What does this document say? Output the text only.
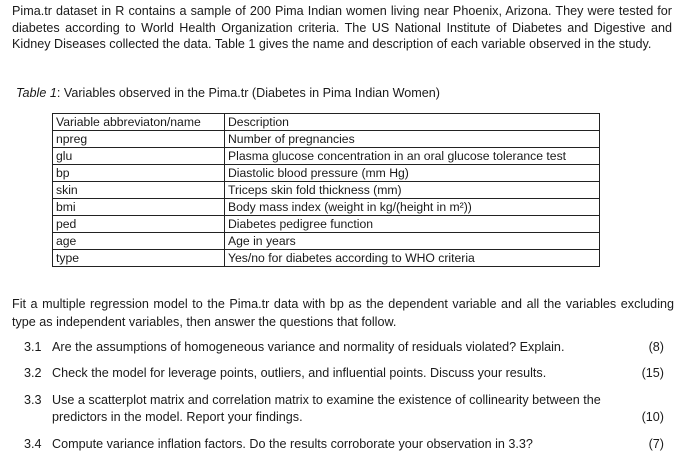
Pima.tr dataset in R contains a sample of 200 Pima Indian women living near Phoenix, Arizona. They were tested for diabetes according to World Health Organization criteria. The US National Institute of Diabetes and Digestive and Kidney Diseases collected the data. Table 1 gives the name and description of each variable observed in the study.

Table 1: Variables observed in the Pima.tr (Diabetes in Pima Indian Women)

Variable abbreviaton/name	Description
npreg	Number of pregnancies
glu	Plasma glucose concentration in an oral glucose tolerance test
bp	Diastolic blood pressure (mm Hg)
skin	Triceps skin fold thickness (mm)
bmi	Body mass index (weight in kg/(height in m²))
ped	Diabetes pedigree function
age	Age in years
type	Yes/no for diabetes according to WHO criteria

Fit a multiple regression model to the Pima.tr data with bp as the dependent variable and all the variables excluding type as independent variables, then answer the questions that follow.

3.1 Are the assumptions of homogeneous variance and normality of residuals violated? Explain.	(8)
3.2 Check the model for leverage points, outliers, and influential points. Discuss your results.	(15)
3.3 Use a scatterplot matrix and correlation matrix to examine the existence of collinearity between the predictors in the model. Report your findings.	(10)
3.4 Compute variance inflation factors. Do the results corroborate your observation in 3.3?	(7)
